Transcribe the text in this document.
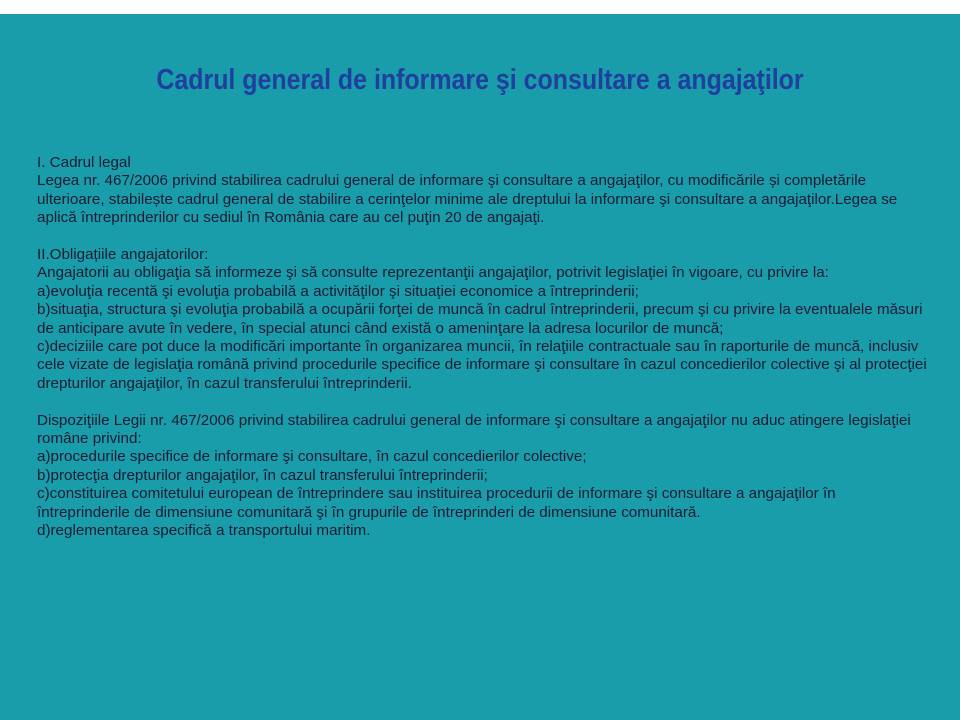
Cadrul general de informare şi consultare a angajaţilor

I. Cadrul legal

Legea nr. 467/2006 privind stabilirea cadrului general de informare şi consultare a angajaţilor, cu modificările și completările ulterioare, stabilește cadrul general de stabilire a cerinţelor minime ale dreptului la informare şi consultare a angajaţilor.Legea se aplică întreprinderilor cu sediul în România care au cel puţin 20 de angajaţi.

II.Obligațiile angajatorilor:

Angajatorii au obligaţia să informeze şi să consulte reprezentanţii angajaţilor, potrivit legislaţiei în vigoare, cu privire la:

a)evoluţia recentă şi evoluţia probabilă a activităţilor şi situaţiei economice a întreprinderii;

b)situaţia, structura şi evoluţia probabilă a ocupării forţei de muncă în cadrul întreprinderii, precum şi cu privire la eventualele măsuri de anticipare avute în vedere, în special atunci când există o ameninţare la adresa locurilor de muncă;

c)deciziile care pot duce la modificări importante în organizarea muncii, în relaţiile contractuale sau în raporturile de muncă, inclusiv cele vizate de legislaţia română privind procedurile specifice de informare şi consultare în cazul concedierilor colective şi al protecţiei drepturilor angajaţilor, în cazul transferului întreprinderii.

Dispoziţiile Legii nr. 467/2006 privind stabilirea cadrului general de informare şi consultare a angajaţilor nu aduc atingere legislaţiei române privind:

a)procedurile specifice de informare şi consultare, în cazul concedierilor colective;

b)protecţia drepturilor angajaţilor, în cazul transferului întreprinderii;

c)constituirea comitetului european de întreprindere sau instituirea procedurii de informare şi consultare a angajaţilor în întreprinderile de dimensiune comunitară şi în grupurile de întreprinderi de dimensiune comunitară.

d)reglementarea specifică a transportului maritim.
